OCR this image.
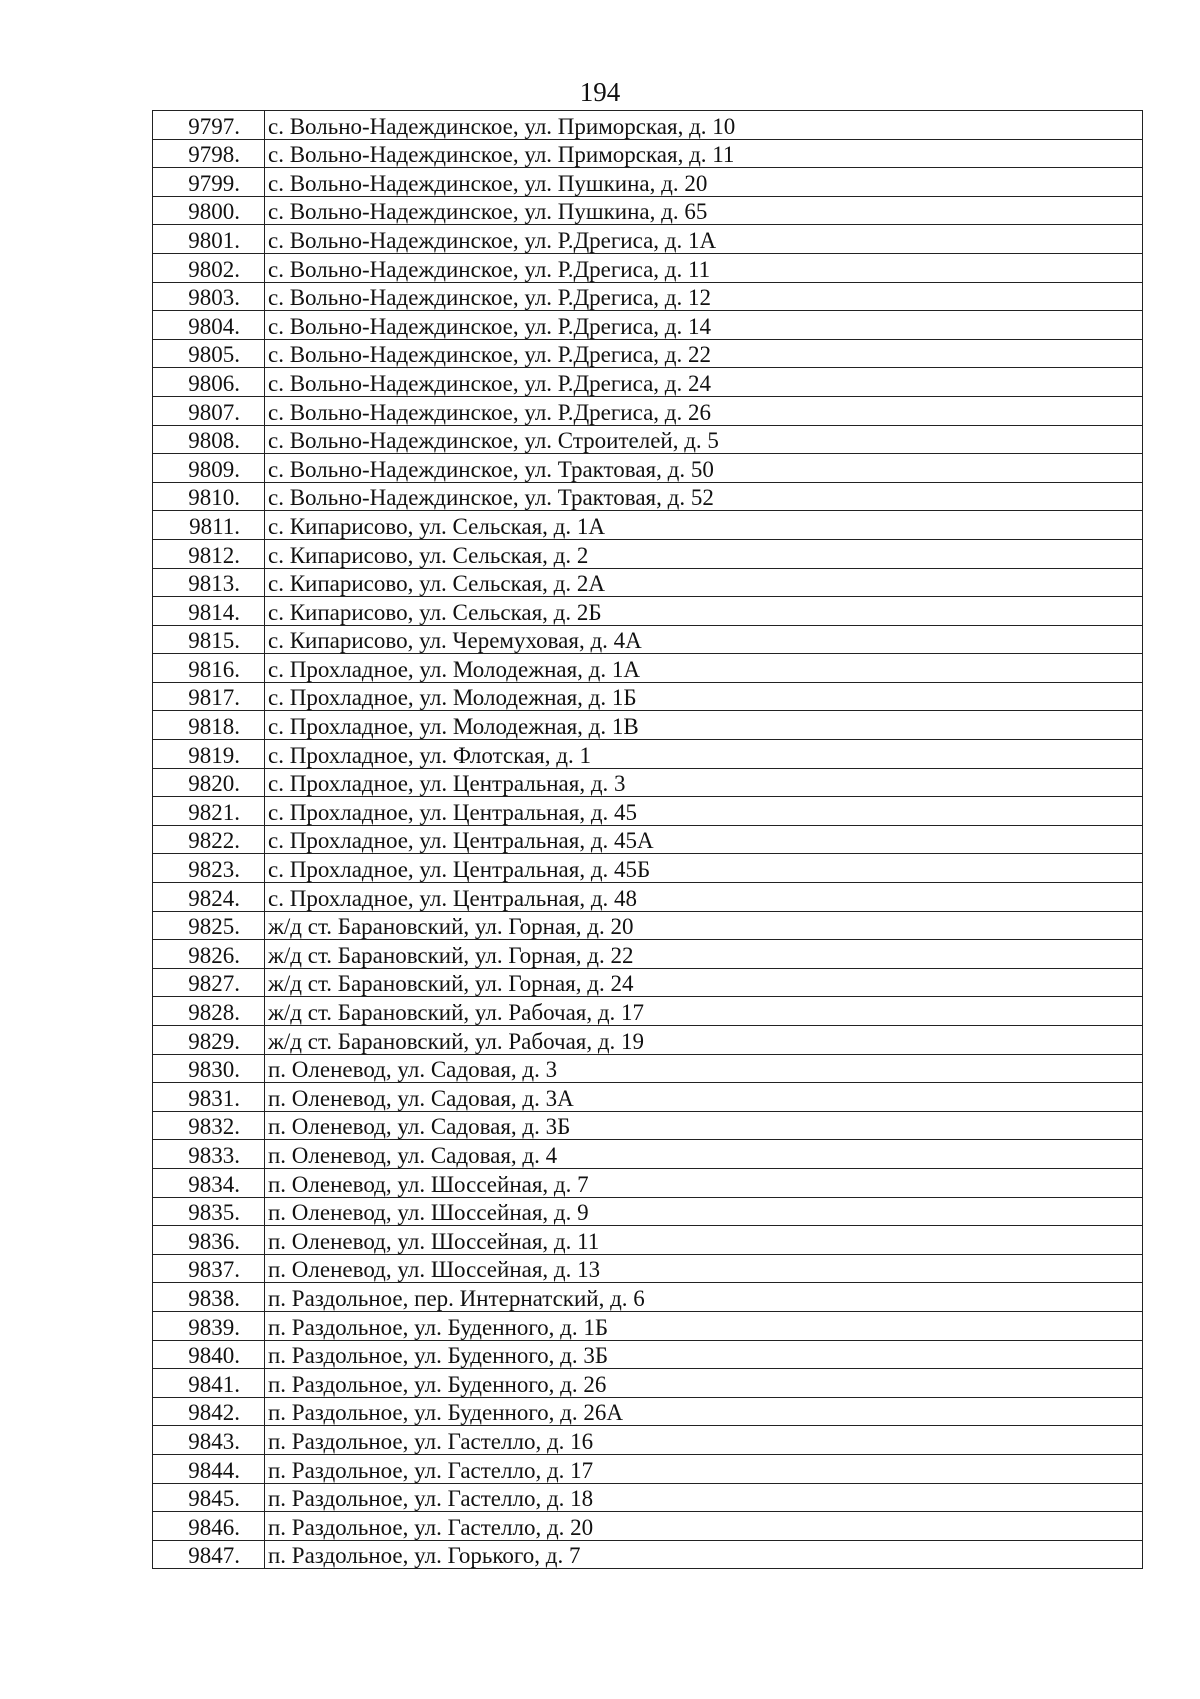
194
9797.	с. Вольно-Надеждинское, ул. Приморская, д. 10
9798.	с. Вольно-Надеждинское, ул. Приморская, д. 11
9799.	с. Вольно-Надеждинское, ул. Пушкина, д. 20
9800.	с. Вольно-Надеждинское, ул. Пушкина, д. 65
9801.	с. Вольно-Надеждинское, ул. Р.Дрегиса, д. 1А
9802.	с. Вольно-Надеждинское, ул. Р.Дрегиса, д. 11
9803.	с. Вольно-Надеждинское, ул. Р.Дрегиса, д. 12
9804.	с. Вольно-Надеждинское, ул. Р.Дрегиса, д. 14
9805.	с. Вольно-Надеждинское, ул. Р.Дрегиса, д. 22
9806.	с. Вольно-Надеждинское, ул. Р.Дрегиса, д. 24
9807.	с. Вольно-Надеждинское, ул. Р.Дрегиса, д. 26
9808.	с. Вольно-Надеждинское, ул. Строителей, д. 5
9809.	с. Вольно-Надеждинское, ул. Трактовая, д. 50
9810.	с. Вольно-Надеждинское, ул. Трактовая, д. 52
9811.	с. Кипарисово, ул. Сельская, д. 1А
9812.	с. Кипарисово, ул. Сельская, д. 2
9813.	с. Кипарисово, ул. Сельская, д. 2А
9814.	с. Кипарисово, ул. Сельская, д. 2Б
9815.	с. Кипарисово, ул. Черемуховая, д. 4А
9816.	с. Прохладное, ул. Молодежная, д. 1А
9817.	с. Прохладное, ул. Молодежная, д. 1Б
9818.	с. Прохладное, ул. Молодежная, д. 1В
9819.	с. Прохладное, ул. Флотская, д. 1
9820.	с. Прохладное, ул. Центральная, д. 3
9821.	с. Прохладное, ул. Центральная, д. 45
9822.	с. Прохладное, ул. Центральная, д. 45А
9823.	с. Прохладное, ул. Центральная, д. 45Б
9824.	с. Прохладное, ул. Центральная, д. 48
9825.	ж/д ст. Барановский, ул. Горная, д. 20
9826.	ж/д ст. Барановский, ул. Горная, д. 22
9827.	ж/д ст. Барановский, ул. Горная, д. 24
9828.	ж/д ст. Барановский, ул. Рабочая, д. 17
9829.	ж/д ст. Барановский, ул. Рабочая, д. 19
9830.	п. Оленевод, ул. Садовая, д. 3
9831.	п. Оленевод, ул. Садовая, д. 3А
9832.	п. Оленевод, ул. Садовая, д. 3Б
9833.	п. Оленевод, ул. Садовая, д. 4
9834.	п. Оленевод, ул. Шоссейная, д. 7
9835.	п. Оленевод, ул. Шоссейная, д. 9
9836.	п. Оленевод, ул. Шоссейная, д. 11
9837.	п. Оленевод, ул. Шоссейная, д. 13
9838.	п. Раздольное, пер. Интернатский, д. 6
9839.	п. Раздольное, ул. Буденного, д. 1Б
9840.	п. Раздольное, ул. Буденного, д. 3Б
9841.	п. Раздольное, ул. Буденного, д. 26
9842.	п. Раздольное, ул. Буденного, д. 26А
9843.	п. Раздольное, ул. Гастелло, д. 16
9844.	п. Раздольное, ул. Гастелло, д. 17
9845.	п. Раздольное, ул. Гастелло, д. 18
9846.	п. Раздольное, ул. Гастелло, д. 20
9847.	п. Раздольное, ул. Горького, д. 7
